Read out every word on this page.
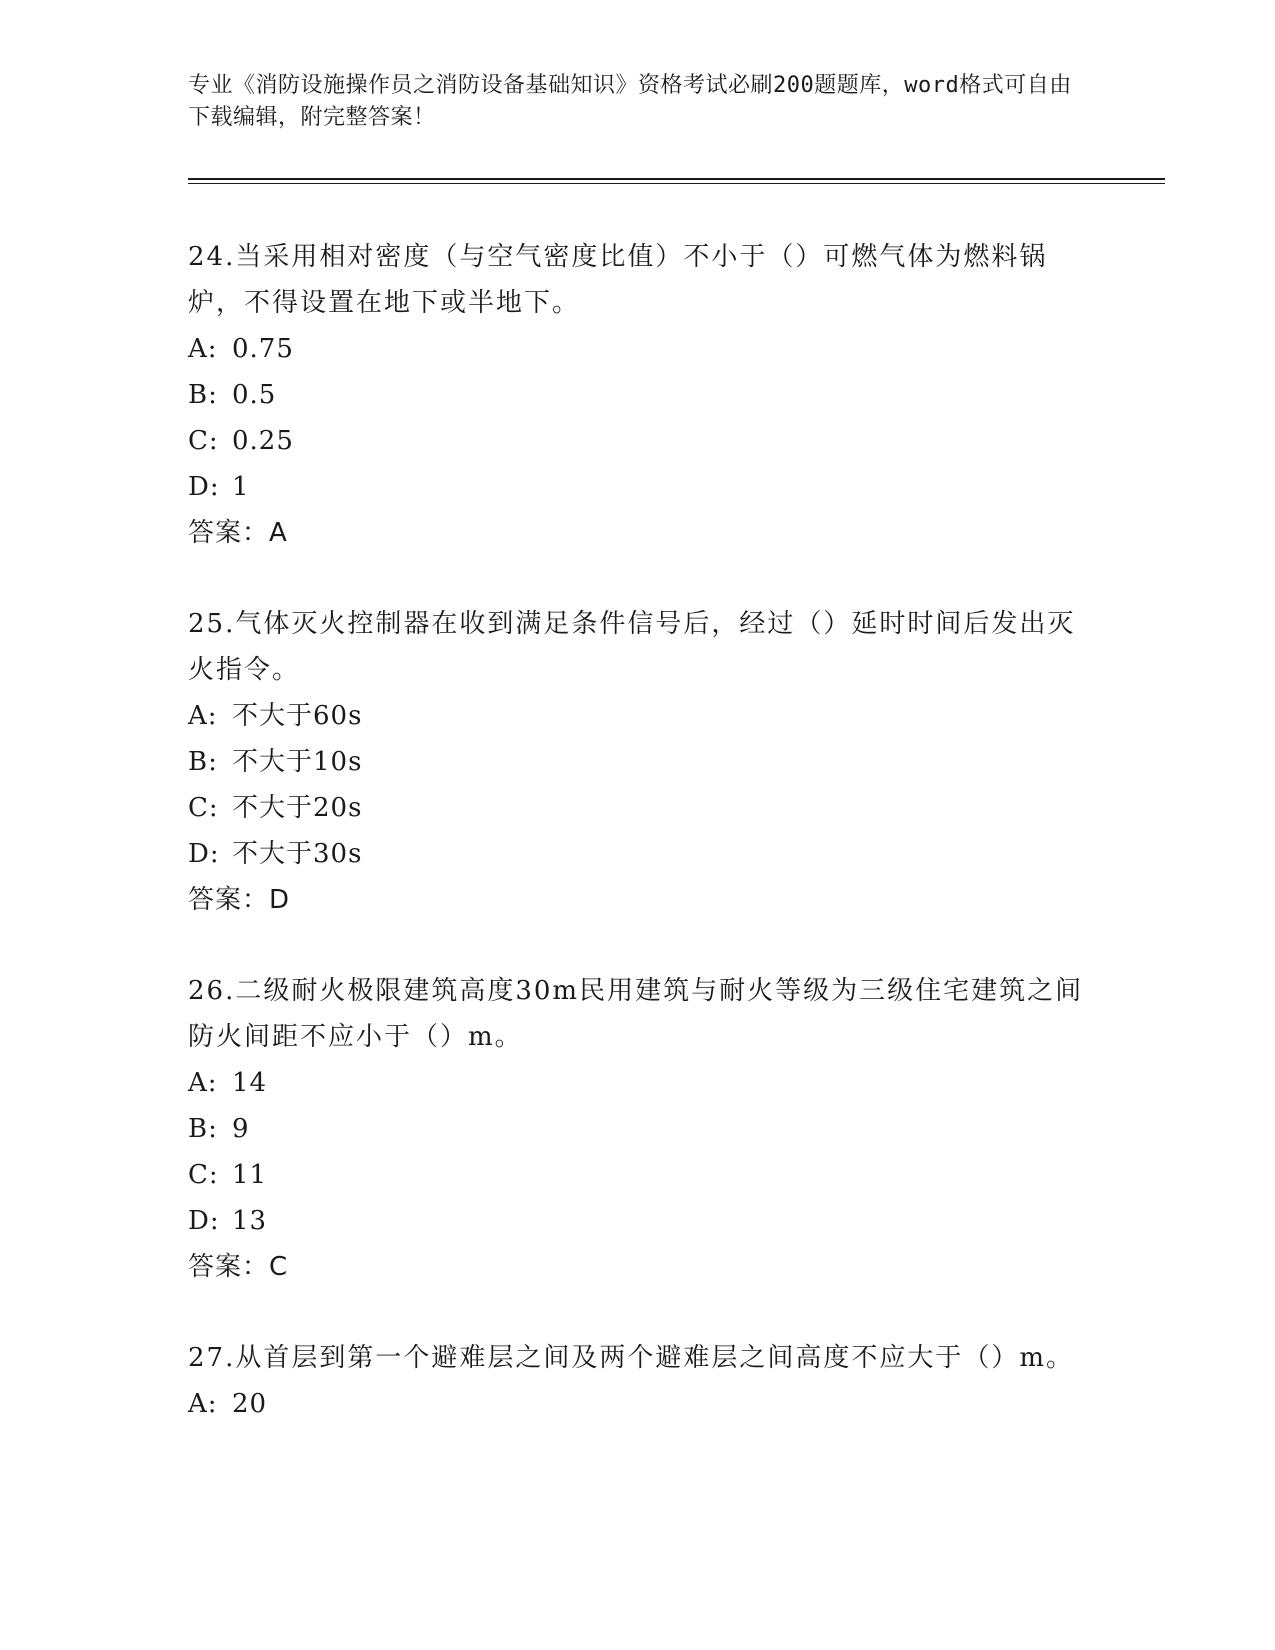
专业《消防设施操作员之消防设备基础知识》资格考试必刷200题题库，word格式可自由下载编辑，附完整答案！

24.当采用相对密度（与空气密度比值）不小于（）可燃气体为燃料锅炉，不得设置在地下或半地下。

A: 0.75

B: 0.5

C: 0.25

D: 1

答案：A

25.气体灭火控制器在收到满足条件信号后，经过（）延时时间后发出灭火指令。

A: 不大于60s

B: 不大于10s

C: 不大于20s

D: 不大于30s

答案：D

26.二级耐火极限建筑高度30m民用建筑与耐火等级为三级住宅建筑之间防火间距不应小于（）m。

A: 14

B: 9

C: 11

D: 13

答案：C

27.从首层到第一个避难层之间及两个避难层之间高度不应大于（）m。

A: 20
